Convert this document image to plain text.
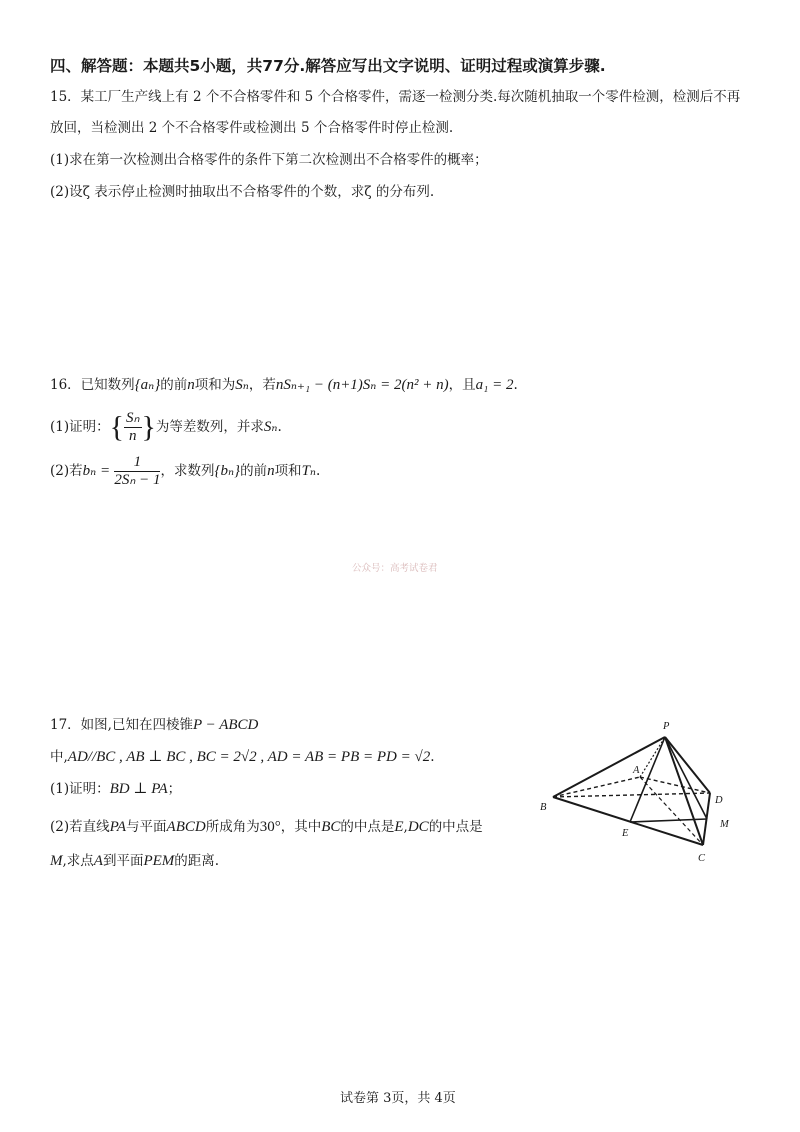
四、解答题：本题共5小题，共77分.解答应写出文字说明、证明过程或演算步骤.
15．某工厂生产线上有 2 个不合格零件和 5 个合格零件，需逐一检测分类.每次随机抽取一个零件检测，检测后不再
放回，当检测出 2 个不合格零件或检测出 5 个合格零件时停止检测.
(1)求在第一次检测出合格零件的条件下第二次检测出不合格零件的概率；
(2)设ζ 表示停止检测时抽取出不合格零件的个数，求ζ 的分布列.
16．已知数列{aₙ}的前n项和为Sₙ，若nSₙ₊₁ − (n+1)Sₙ = 2(n² + n)，且a₁ = 2.
(1)证明：{ $\frac{\text{Sₙ}}{n}$ }为等差数列，并求Sₙ.
(2)若$b_n = \frac{1}{\text{2Sₙ − 1}}$ ，求数列{bₙ}的前n项和Tₙ.
公众号：高考试卷君
17．如图,已知在四棱锥P − ABCD
中,AD//BC , AB ⊥ BC , BC = 2√2 , AD = AB = PB = PD = √2.
(1)证明：BD ⊥ PA；
(2)若直线PA与平面ABCD所成角为30°，其中BC的中点是E,DC的中点是
M,求点A到平面PEM的距离.
P
A
B
D
M
E
C
试卷第 3页，共 4页
